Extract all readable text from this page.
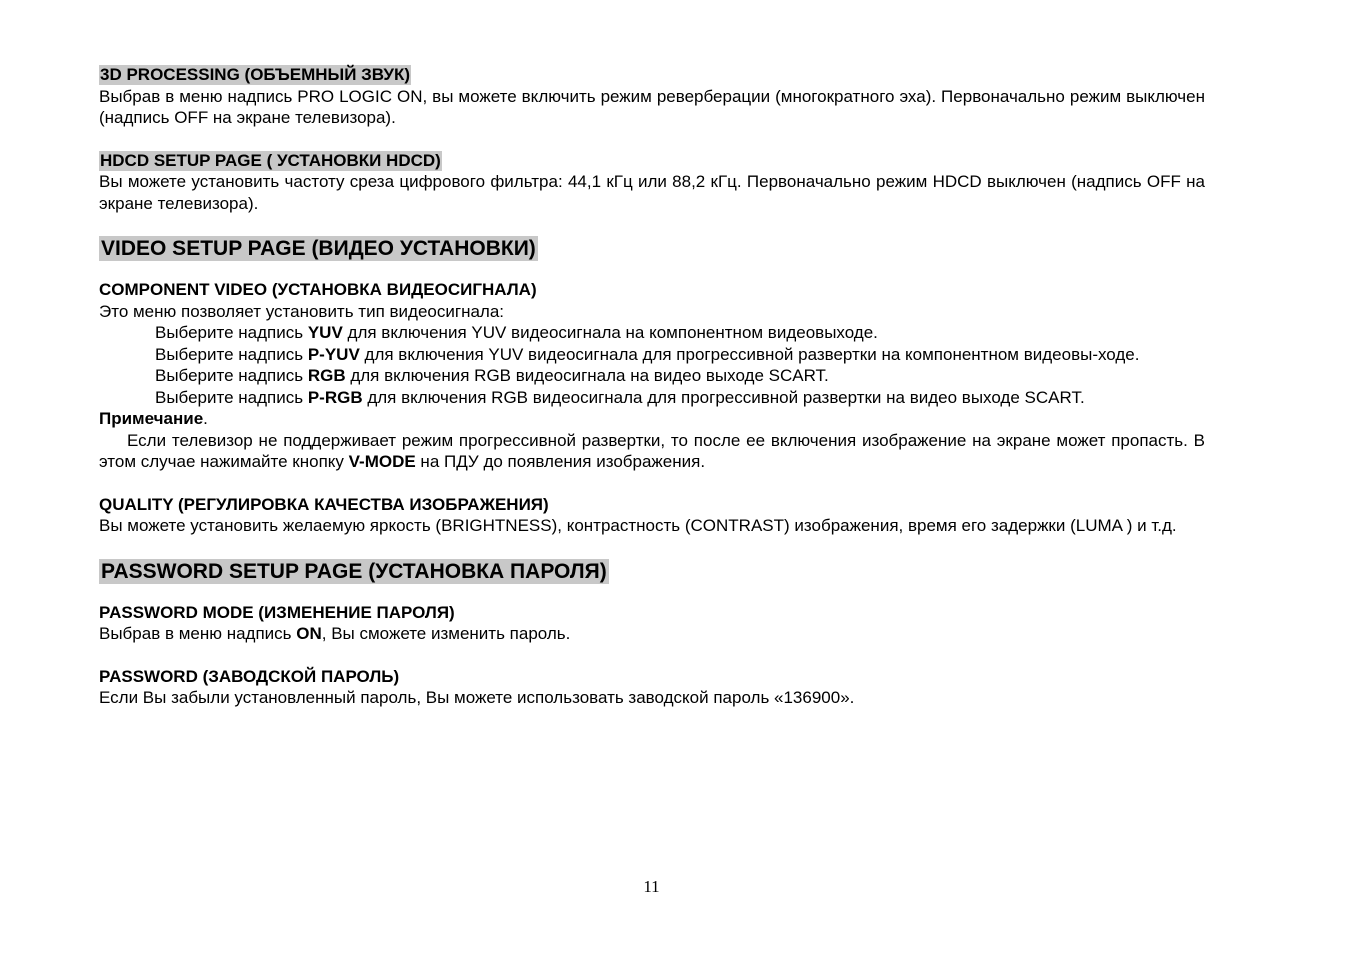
3D PROCESSING (ОБЪЕМНЫЙ ЗВУК)

Выбрав в меню надпись PRO LOGIC ON, вы можете включить режим реверберации (многократного эха). Первоначально режим выключен (надпись OFF на экране телевизора).

HDCD SETUP PAGE ( УСТАНОВКИ HDCD)

Вы можете установить частоту среза цифрового фильтра: 44,1 кГц или 88,2 кГц. Первоначально режим HDCD выключен (надпись OFF на экране телевизора).

VIDEO SETUP PAGE (ВИДЕО УСТАНОВКИ)
COMPONENT VIDEO (УСТАНОВКА ВИДЕОСИГНАЛА)

Это меню позволяет установить тип видеосигнала:

Выберите надпись YUV для включения YUV видеосигнала на компонентном видеовыходе.

Выберите надпись P-YUV для включения YUV видеосигнала для прогрессивной развертки на компонентном видеовы-ходе.

Выберите надпись RGB для включения RGB видеосигнала на видео выходе SCART.

Выберите надпись P-RGB для включения RGB видеосигнала для прогрессивной развертки на видео выходе SCART.

Примечание.

Если телевизор не поддерживает режим прогрессивной развертки, то после ее включения изображение на экране может пропасть. В этом случае нажимайте кнопку V-MODE на ПДУ до появления изображения.

QUALITY (РЕГУЛИРОВКА КАЧЕСТВА ИЗОБРАЖЕНИЯ)

Вы можете установить желаемую яркость (BRIGHTNESS), контрастность (CONTRAST) изображения, время его задержки (LUMA ) и т.д.

PASSWORD SETUP PAGE (УСТАНОВКА ПАРОЛЯ)
PASSWORD MODE (ИЗМЕНЕНИЕ ПАРОЛЯ)

Выбрав в меню надпись ON, Вы сможете изменить пароль.

PASSWORD (ЗАВОДСКОЙ ПАРОЛЬ)

Если Вы забыли установленный пароль, Вы можете использовать заводской пароль «136900».

11
